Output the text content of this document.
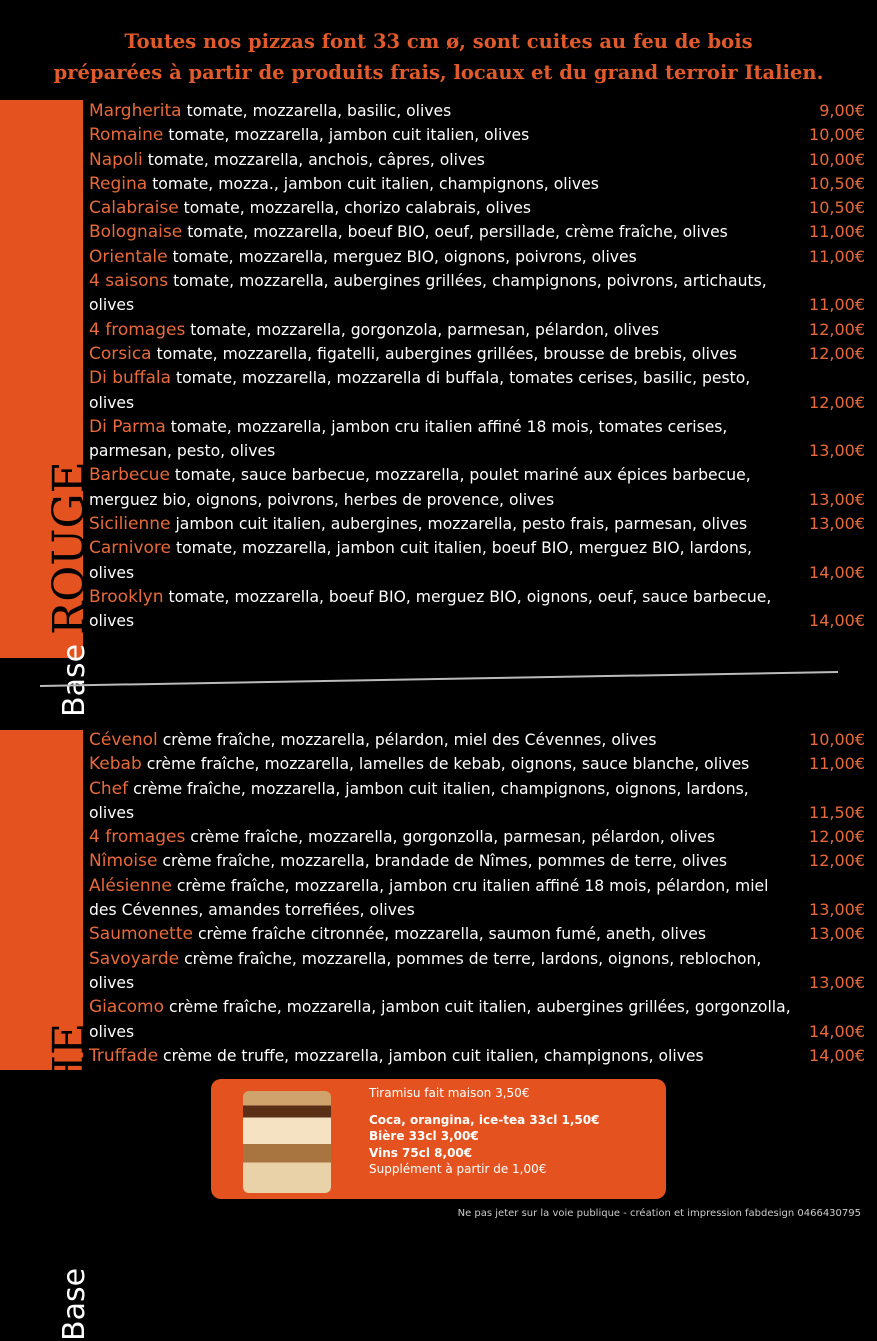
Toutes nos pizzas font 33 cm ø, sont cuites au feu de bois
préparées à partir de produits frais, locaux et du grand terroir Italien.
Base ROUGE
Margherita tomate, mozzarella, basilic, olives	9,00€
Romaine tomate, mozzarella, jambon cuit italien, olives	10,00€
Napoli tomate, mozzarella, anchois, câpres, olives	10,00€
Regina tomate, mozza., jambon cuit italien, champignons, olives	10,50€
Calabraise tomate, mozzarella, chorizo calabrais, olives	10,50€
Bolognaise tomate, mozzarella, boeuf BIO, oeuf, persillade, crème fraîche, olives	11,00€
Orientale tomate, mozzarella, merguez BIO, oignons, poivrons, olives	11,00€
4 saisons tomate, mozzarella, aubergines grillées, champignons, poivrons, artichauts, olives	11,00€
4 fromages tomate, mozzarella, gorgonzola, parmesan, pélardon, olives	12,00€
Corsica tomate, mozzarella, figatelli, aubergines grillées, brousse de brebis, olives	12,00€
Di buffala tomate, mozzarella, mozzarella di buffala, tomates cerises, basilic, pesto, olives	12,00€
Di Parma tomate, mozzarella, jambon cru italien affiné 18 mois, tomates cerises, parmesan, pesto, olives	13,00€
Barbecue tomate, sauce barbecue, mozzarella, poulet mariné aux épices barbecue, merguez bio, oignons, poivrons, herbes de provence, olives	13,00€
Sicilienne jambon cuit italien, aubergines, mozzarella, pesto frais, parmesan, olives	13,00€
Carnivore tomate, mozzarella, jambon cuit italien, boeuf BIO, merguez BIO, lardons, olives	14,00€
Brooklyn tomate, mozzarella, boeuf BIO, merguez BIO, oignons, oeuf, sauce barbecue, olives	14,00€
Base BLANCHE
Cévenol crème fraîche, mozzarella, pélardon, miel des Cévennes, olives	10,00€
Kebab crème fraîche, mozzarella, lamelles de kebab, oignons, sauce blanche, olives	11,00€
Chef crème fraîche, mozzarella, jambon cuit italien, champignons, oignons, lardons, olives	11,50€
4 fromages crème fraîche, mozzarella, gorgonzolla, parmesan, pélardon, olives	12,00€
Nîmoise crème fraîche, mozzarella, brandade de Nîmes, pommes de terre, olives	12,00€
Alésienne crème fraîche, mozzarella, jambon cru italien affiné 18 mois, pélardon, miel des Cévennes, amandes torrefiées, olives	13,00€
Saumonette crème fraîche citronnée, mozzarella, saumon fumé, aneth, olives	13,00€
Savoyarde crème fraîche, mozzarella, pommes de terre, lardons, oignons, reblochon, olives	13,00€
Giacomo crème fraîche, mozzarella, jambon cuit italien, aubergines grillées, gorgonzolla, olives	14,00€
Truffade crème de truffe, mozzarella, jambon cuit italien, champignons, olives	14,00€
Tiramisu fait maison 3,50€
Coca, orangina, ice-tea 33cl 1,50€
Bière 33cl 3,00€
Vins 75cl 8,00€
Supplément à partir de 1,00€
Ne pas jeter sur la voie publique - création et impression fabdesign 0466430795
